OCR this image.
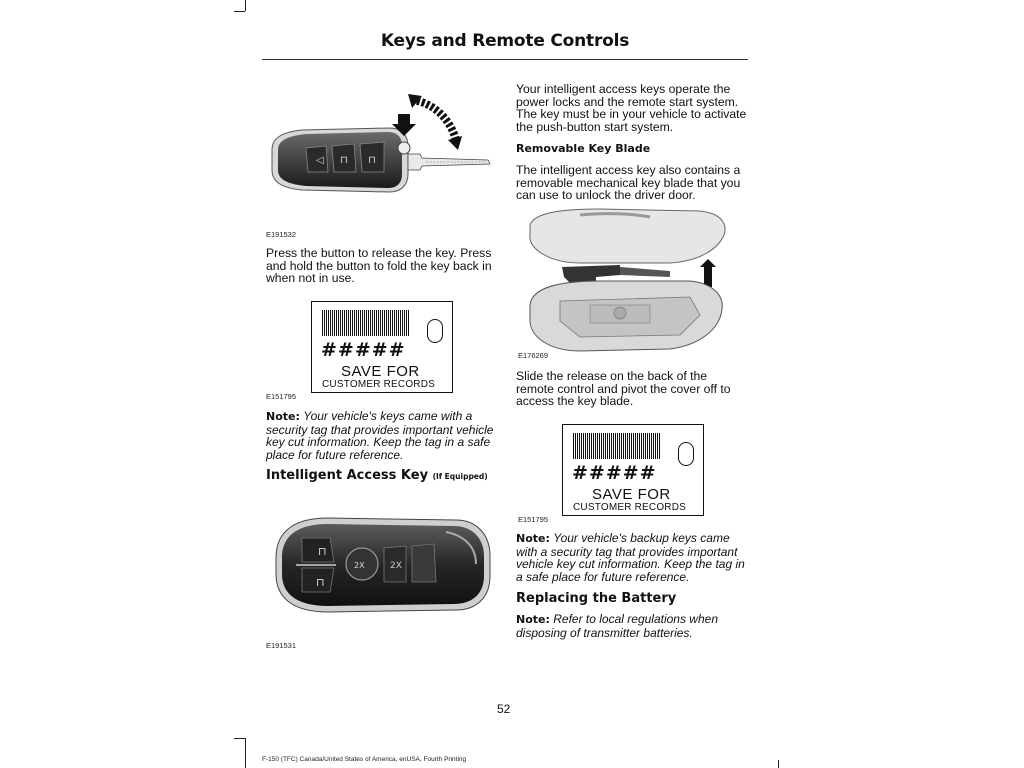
Keys and Remote Controls
◁ ⊓ ⊓
E191532

Press the button to release the key. Press and hold the button to fold the key back in when not in use.

#####
SAVE FOR
CUSTOMER RECORDS
E151795
Note: Your vehicle's keys came with a security tag that provides important vehicle key cut information. Keep the tag in a safe place for future reference.
Intelligent Access Key (If Equipped)
⊓
⊓
2X	2X
E191531

Your intelligent access keys operate the power locks and the remote start system. The key must be in your vehicle to activate the push-button start system.

Removable Key Blade

The intelligent access key also contains a removable mechanical key blade that you can use to unlock the driver door.

E176269

Slide the release on the back of the remote control and pivot the cover off to access the key blade.

#####
SAVE FOR
CUSTOMER RECORDS
E151795
Note: Your vehicle's backup keys came with a security tag that provides important vehicle key cut information. Keep the tag in a safe place for future reference.
Replacing the Battery
Note: Refer to local regulations when disposing of transmitter batteries.
52
F-150 (TFC) Canada/United States of America, enUSA, Fourth Printing
